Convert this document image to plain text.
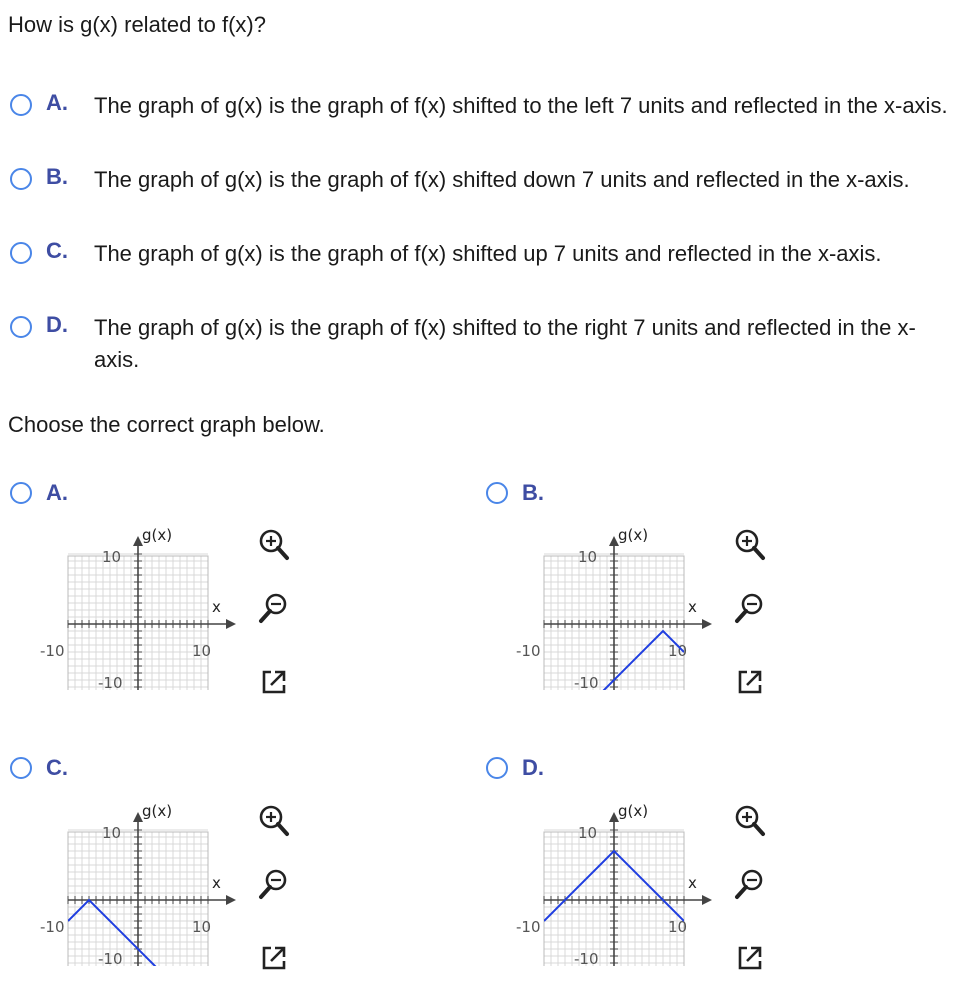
How is g(x) related to f(x)?
A. The graph of g(x) is the graph of f(x) shifted to the left 7 units and reflected in the x-axis.
B. The graph of g(x) is the graph of f(x) shifted down 7 units and reflected in the x-axis.
C. The graph of g(x) is the graph of f(x) shifted up 7 units and reflected in the x-axis.
D. The graph of g(x) is the graph of f(x) shifted to the right 7 units and reflected in the x-axis.
Choose the correct graph below.
A.	B.
C.	D.
g(x)
x
10
-10	10
-10
g(x)
x
10
-10	10
-10
g(x)
x
10
-10	10
-10
g(x)
x
10
-10	10
-10
